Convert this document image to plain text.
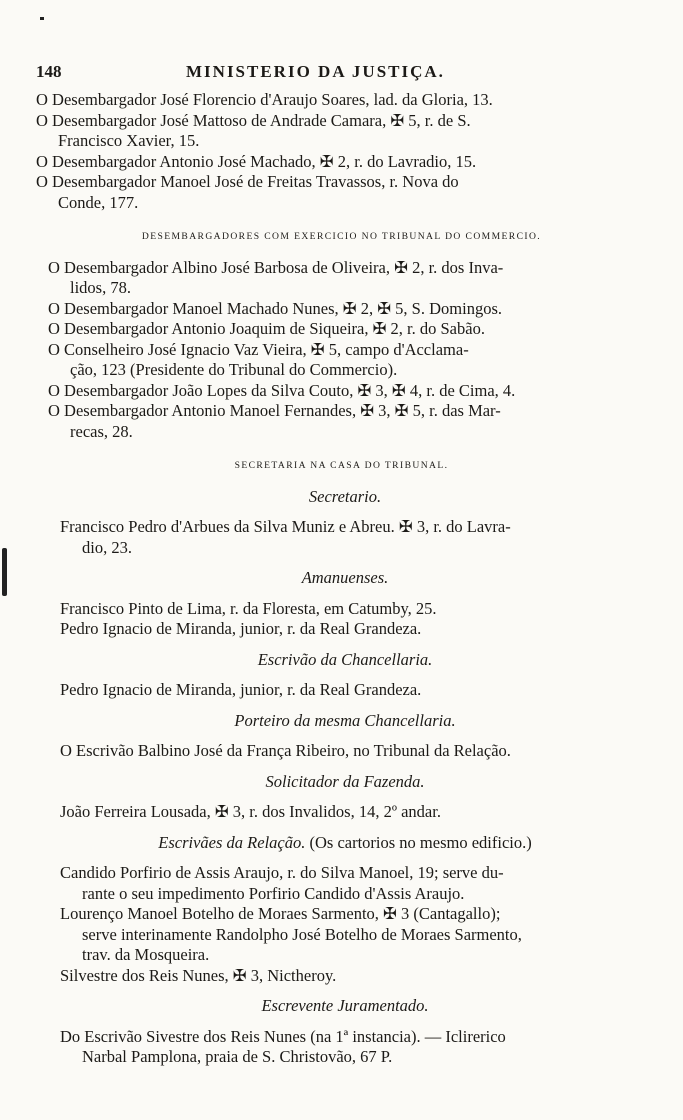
148	MINISTERIO DA JUSTIÇA.
O Desembargador José Florencio d'Araujo Soares, lad. da Gloria, 13.
O Desembargador José Mattoso de Andrade Camara, ✠ 5, r. de S.
Francisco Xavier, 15.
O Desembargador Antonio José Machado, ✠ 2, r. do Lavradio, 15.
O Desembargador Manoel José de Freitas Travassos, r. Nova do
Conde, 177.
DESEMBARGADORES COM EXERCICIO NO TRIBUNAL DO COMMERCIO.
O Desembargador Albino José Barbosa de Oliveira, ✠ 2, r. dos Inva-
lidos, 78.
O Desembargador Manoel Machado Nunes, ✠ 2, ✠ 5, S. Domingos.
O Desembargador Antonio Joaquim de Siqueira, ✠ 2, r. do Sabão.
O Conselheiro José Ignacio Vaz Vieira, ✠ 5, campo d'Acclama-
ção, 123 (Presidente do Tribunal do Commercio).
O Desembargador João Lopes da Silva Couto, ✠ 3, ✠ 4, r. de Cima, 4.
O Desembargador Antonio Manoel Fernandes, ✠ 3, ✠ 5, r. das Mar-
recas, 28.
SECRETARIA NA CASA DO TRIBUNAL.
Secretario.
Francisco Pedro d'Arbues da Silva Muniz e Abreu. ✠ 3, r. do Lavra-
dio, 23.
Amanuenses.
Francisco Pinto de Lima, r. da Floresta, em Catumby, 25.
Pedro Ignacio de Miranda, junior, r. da Real Grandeza.
Escrivão da Chancellaria.
Pedro Ignacio de Miranda, junior, r. da Real Grandeza.
Porteiro da mesma Chancellaria.
O Escrivão Balbino José da França Ribeiro, no Tribunal da Relação.
Solicitador da Fazenda.
João Ferreira Lousada, ✠ 3, r. dos Invalidos, 14, 2º andar.
Escrivães da Relação. (Os cartorios no mesmo edificio.)
Candido Porfirio de Assis Araujo, r. do Silva Manoel, 19; serve du-
rante o seu impedimento Porfirio Candido d'Assis Araujo.
Lourenço Manoel Botelho de Moraes Sarmento, ✠ 3 (Cantagallo);
serve interinamente Randolpho José Botelho de Moraes Sarmento,
trav. da Mosqueira.
Silvestre dos Reis Nunes, ✠ 3, Nictheroy.
Escrevente Juramentado.
Do Escrivão Sivestre dos Reis Nunes (na 1ª instancia). — Iclirerico
Narbal Pamplona, praia de S. Christovão, 67 P.
